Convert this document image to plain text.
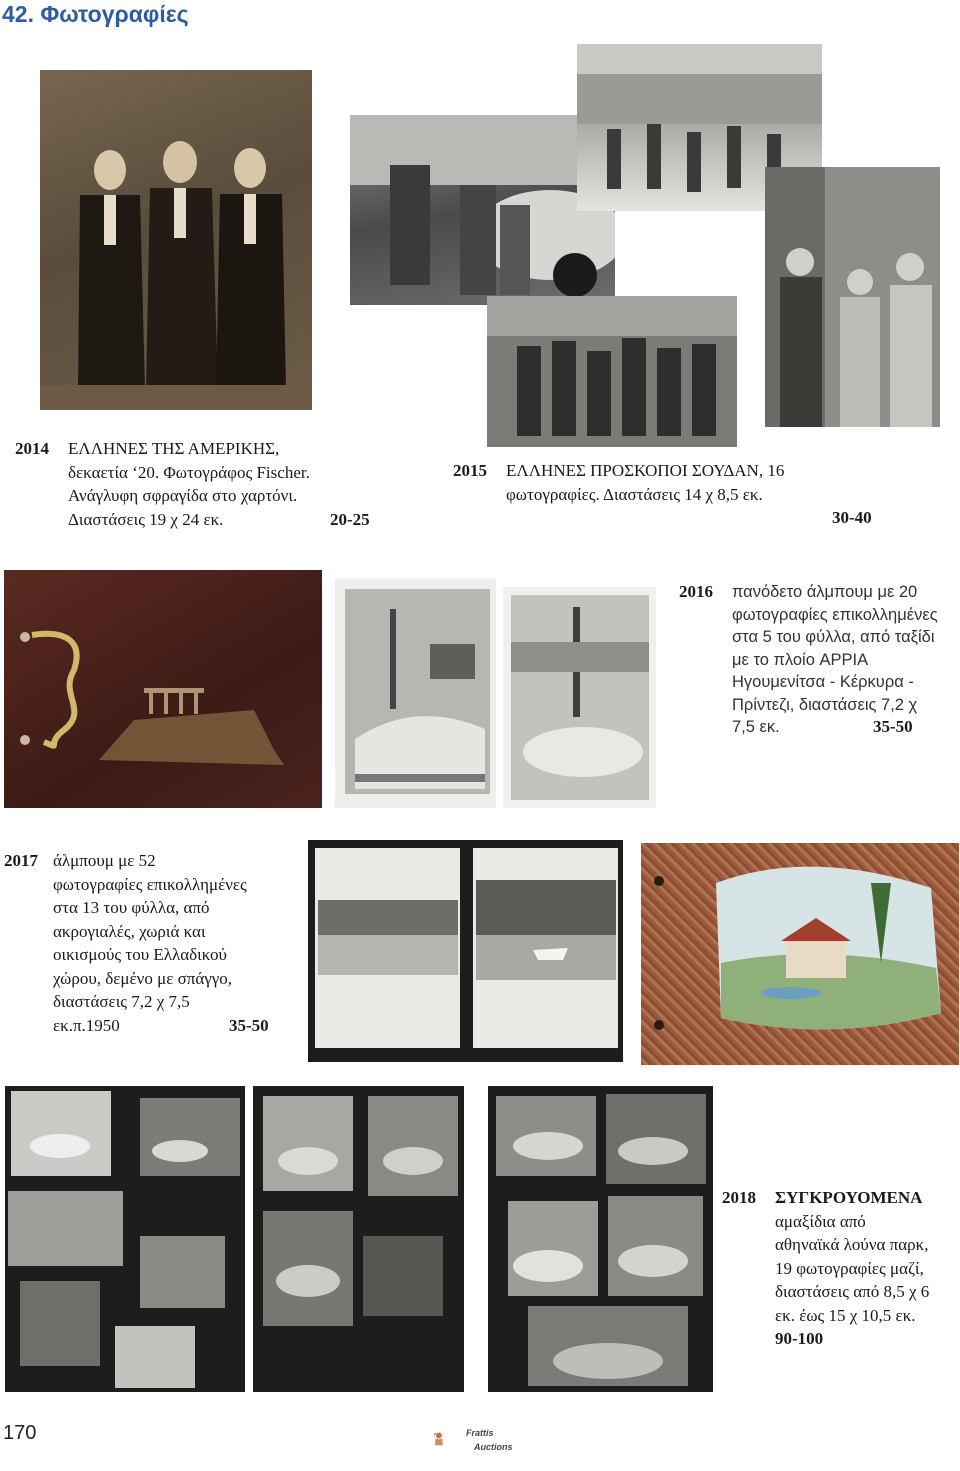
42. Φωτογραφίες
2014 ΕΛΛΗΝΕΣ ΤΗΣ ΑΜΕΡΙΚΗΣ,
δεκαετία ‘20. Φωτογράφος Fischer.
Ανάγλυφη σφραγίδα στο χαρτόνι.
Διαστάσεις 19 χ 24 εκ.	20-25
2015 ΕΛΛΗΝΕΣ ΠΡΟΣΚΟΠΟΙ ΣΟΥΔΑΝ, 16
φωτογραφίες. Διαστάσεις 14 χ 8,5 εκ.
30-40
2016 πανόδετο άλμπουμ με 20
φωτογραφίες επικολλημένες
στα 5 του φύλλα, από ταξίδι
με το πλοίο APPIA
Ηγουμενίτσα - Κέρκυρα -
Πρίντεζι, διαστάσεις 7,2 χ
7,5 εκ.	35-50
2017 άλμπουμ με 52
φωτογραφίες επικολλημένες
στα 13 του φύλλα, από
ακρογιαλές, χωριά και
οικισμούς του Ελλαδικού
χώρου, δεμένο με σπάγγο,
διαστάσεις 7,2 χ 7,5
εκ.π.1950	35-50
2018 ΣΥΓΚΡΟΥΟΜΕΝΑ
αμαξίδια από
αθηναϊκά λούνα παρκ,
19 φωτογραφίες μαζί,
διαστάσεις από 8,5 χ 6
εκ. έως 15 χ 10,5 εκ.
90-100
170	Frattis
Auctions
